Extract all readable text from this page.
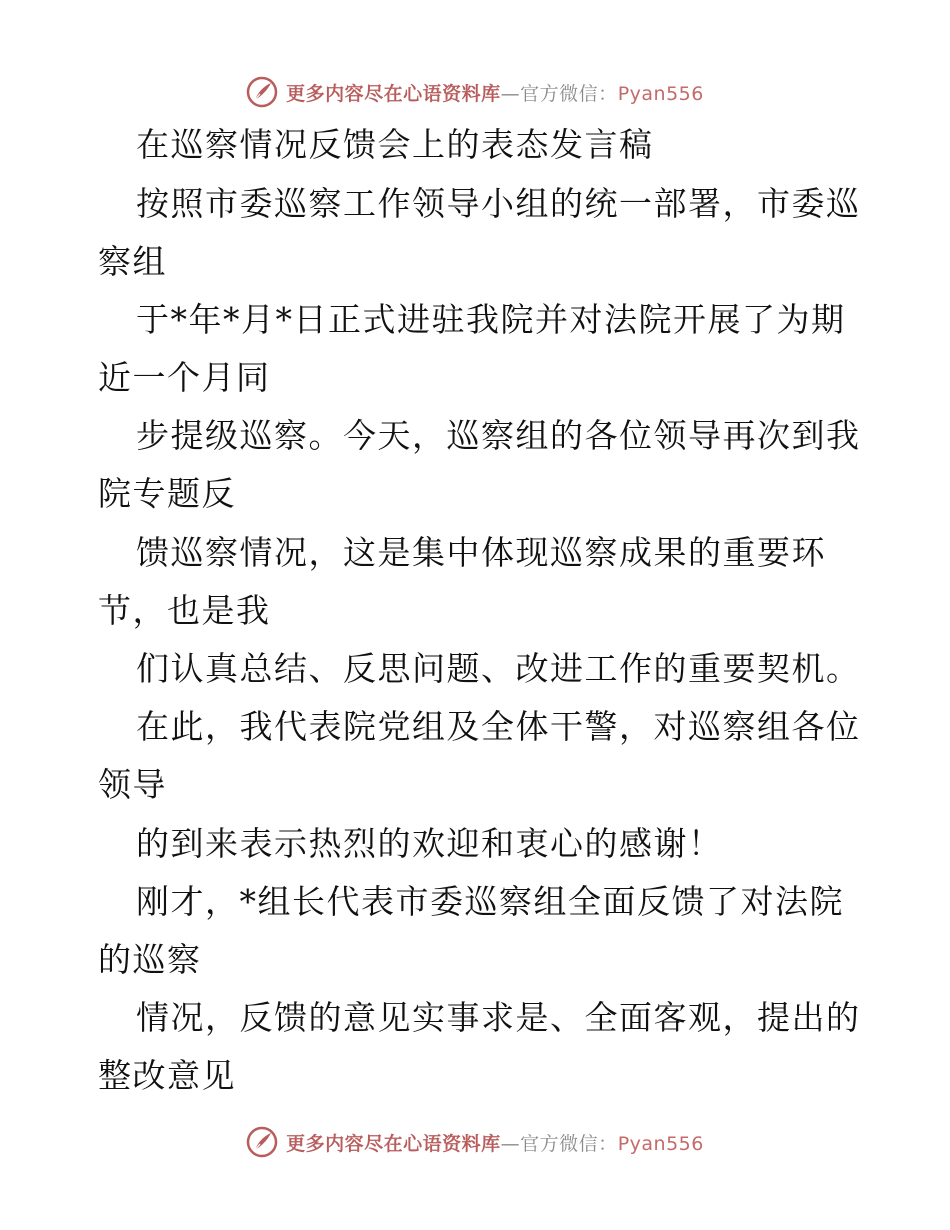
更多内容尽在心语资料库—官方微信：Pyan556
在巡察情况反馈会上的表态发言稿
按照市委巡察工作领导小组的统一部署，市委巡
察组
于*年*月*日正式进驻我院并对法院开展了为期
近一个月同
步提级巡察。今天，巡察组的各位领导再次到我
院专题反
馈巡察情况，这是集中体现巡察成果的重要环
节，也是我
们认真总结、反思问题、改进工作的重要契机。
在此，我代表院党组及全体干警，对巡察组各位
领导
的到来表示热烈的欢迎和衷心的感谢！
刚才，*组长代表市委巡察组全面反馈了对法院
的巡察
情况，反馈的意见实事求是、全面客观，提出的
整改意见
更多内容尽在心语资料库—官方微信：Pyan556
